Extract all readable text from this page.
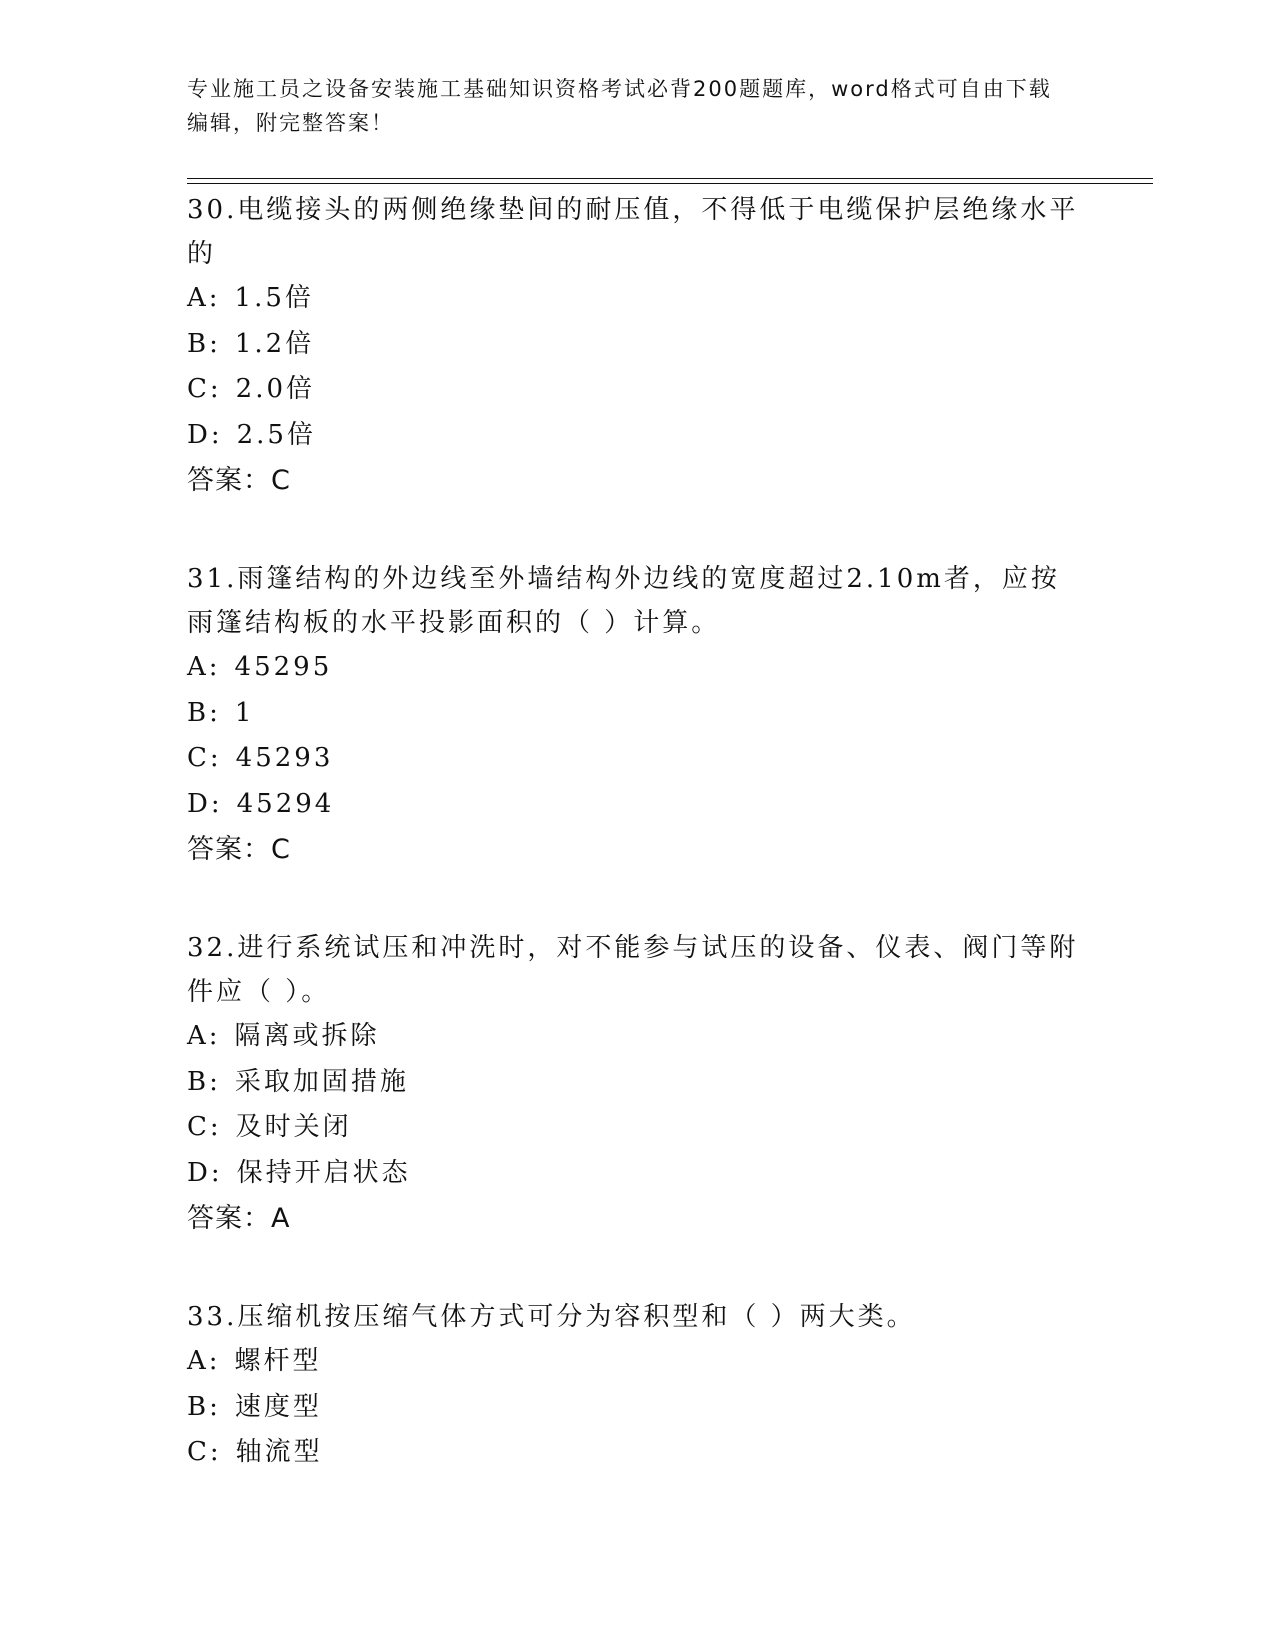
专业施工员之设备安装施工基础知识资格考试必背200题题库，word格式可自由下载编辑，附完整答案！

30.电缆接头的两侧绝缘垫间的耐压值，不得低于电缆保护层绝缘水平的

A: 1.5倍

B: 1.2倍

C: 2.0倍

D: 2.5倍

答案：C

31.雨篷结构的外边线至外墙结构外边线的宽度超过2.10m者，应按雨篷结构板的水平投影面积的（ ）计算。

A: 45295

B: 1

C: 45293

D: 45294

答案：C

32.进行系统试压和冲洗时，对不能参与试压的设备、仪表、阀门等附件应（ ）。

A: 隔离或拆除

B: 采取加固措施

C: 及时关闭

D: 保持开启状态

答案：A

33.压缩机按压缩气体方式可分为容积型和（ ）两大类。

A: 螺杆型

B: 速度型

C: 轴流型
